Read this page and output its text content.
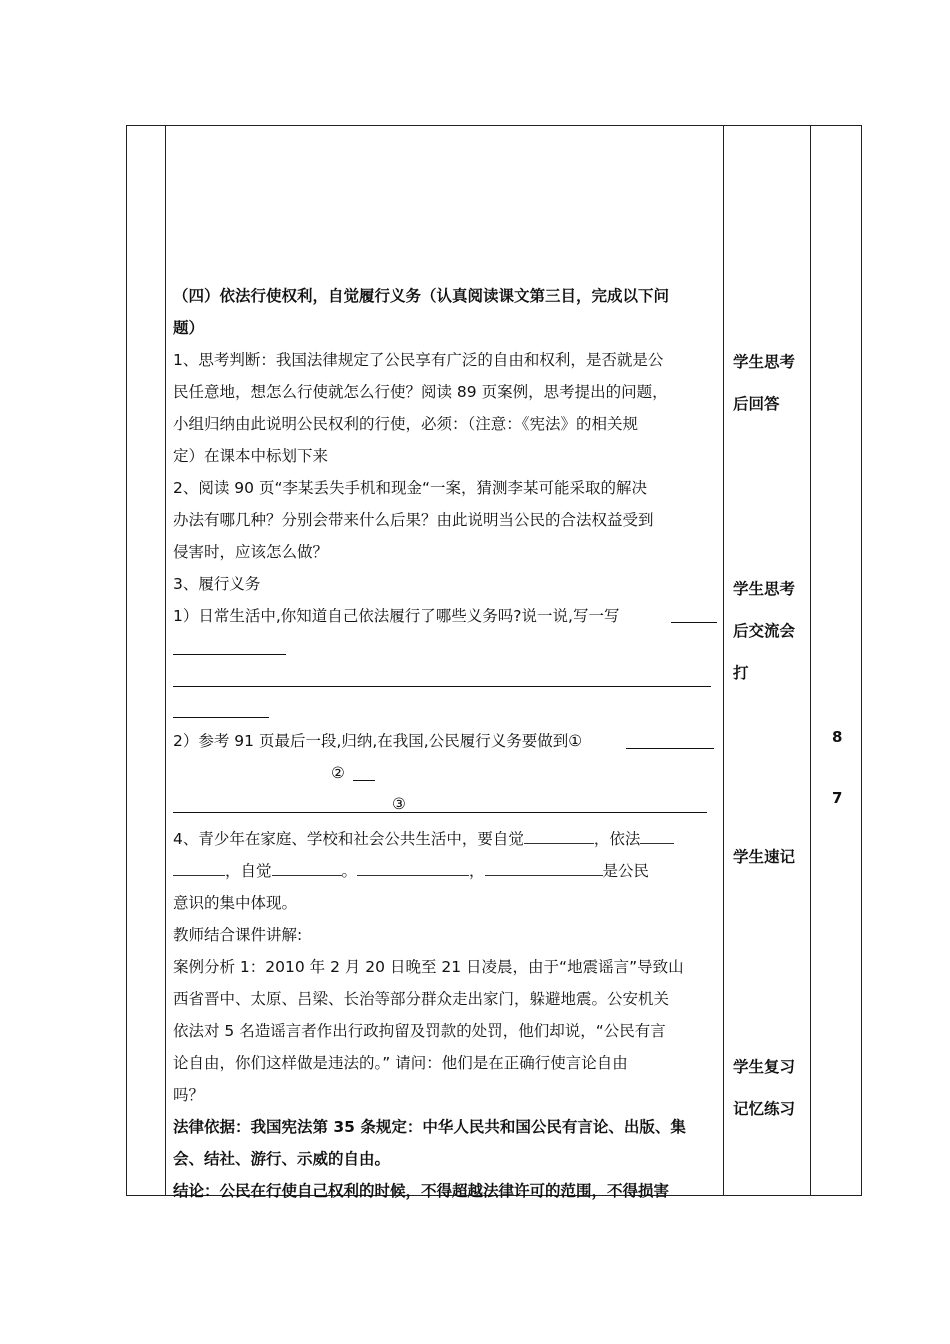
（四）依法行使权利，自觉履行义务（认真阅读课文第三目，完成以下问
题）
1、思考判断：我国法律规定了公民享有广泛的自由和权利，是否就是公
民任意地，想怎么行使就怎么行使？阅读 89 页案例，思考提出的问题，
小组归纳由此说明公民权利的行使，必须：（注意：《宪法》的相关规
定）在课本中标划下来
2、阅读 90 页“李某丢失手机和现金“一案，猜测李某可能采取的解决
办法有哪几种？分别会带来什么后果？由此说明当公民的合法权益受到
侵害时，应该怎么做？
3、履行义务
1）日常生活中,你知道自己依法履行了哪些义务吗?说一说,写一写
2）参考 91 页最后一段,归纳,在我国,公民履行义务要做到①
②
③
4、青少年在家庭、学校和社会公共生活中，要自觉	，依法
，自觉	。	，	是公民
意识的集中体现。
教师结合课件讲解:
案例分析 1：2010 年 2 月 20 日晚至 21 日凌晨，由于“地震谣言”导致山
西省晋中、太原、吕梁、长治等部分群众走出家门，躲避地震。公安机关
依法对 5 名造谣言者作出行政拘留及罚款的处罚，他们却说，“公民有言
论自由，你们这样做是违法的。” 请问：他们是在正确行使言论自由
吗？
法律依据：我国宪法第 35 条规定：中华人民共和国公民有言论、出版、集
会、结社、游行、示威的自由。
结论：公民在行使自己权利的时候，不得超越法律许可的范围，不得损害
学生思考
后回答
学生思考
后交流会
打
学生速记
学生复习
记忆练习
8
7
